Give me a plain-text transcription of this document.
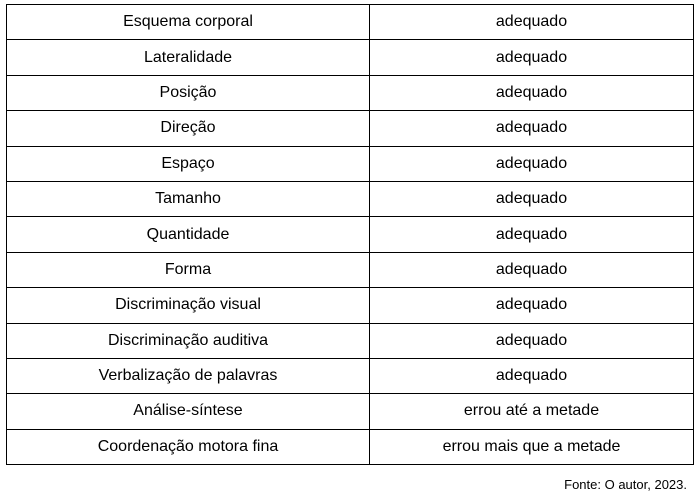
Esquema corporal	adequado
Lateralidade	adequado
Posição	adequado
Direção	adequado
Espaço	adequado
Tamanho	adequado
Quantidade	adequado
Forma	adequado
Discriminação visual	adequado
Discriminação auditiva	adequado
Verbalização de palavras	adequado
Análise-síntese	errou até a metade
Coordenação motora fina	errou mais que a metade
Fonte: O autor, 2023.
